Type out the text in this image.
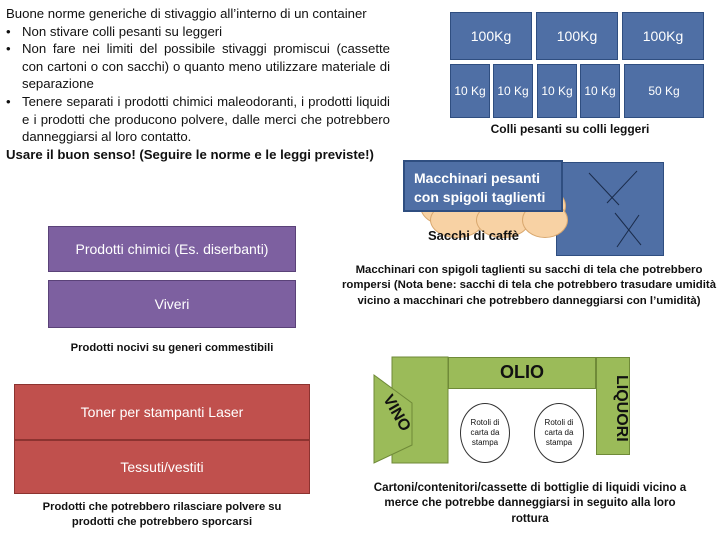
Buone norme generiche di stivaggio all’interno di un container

• Non stivare colli pesanti su leggeri
• Non fare nei limiti del possibile stivaggi promiscui (cassette con cartoni o con sacchi) o quanto meno utilizzare materiale di separazione
• Tenere separati i prodotti chimici maleodoranti, i prodotti liquidi e i prodotti che producono polvere, dalle merci che potrebbero danneggiarsi al loro contatto.

Usare il buon senso! (Seguire le norme e le leggi previste!)

100Kg	100Kg	100Kg
10 Kg 10 Kg	10 Kg 10 Kg	50 Kg
Colli pesanti su colli leggeri
Macchinari pesanti con spigoli taglienti
Sacchi di caffè
Macchinari con spigoli taglienti su sacchi di tela che potrebbero rompersi (Nota bene: sacchi di tela che potrebbero trasudare umidità vicino a macchinari che potrebbero danneggiarsi con l’umidità)
Prodotti chimici (Es. diserbanti)
Viveri
Prodotti nocivi su generi commestibili
Toner per stampanti Laser
Tessuti/vestiti
Prodotti che potrebbero rilasciare polvere su prodotti che potrebbero sporcarsi
OLIO
VINO	LIQUORI
Rotoli di carta da stampa
Rotoli di carta da stampa
Cartoni/contenitori/cassette di bottiglie di liquidi vicino a merce che potrebbe danneggiarsi in seguito alla loro rottura
